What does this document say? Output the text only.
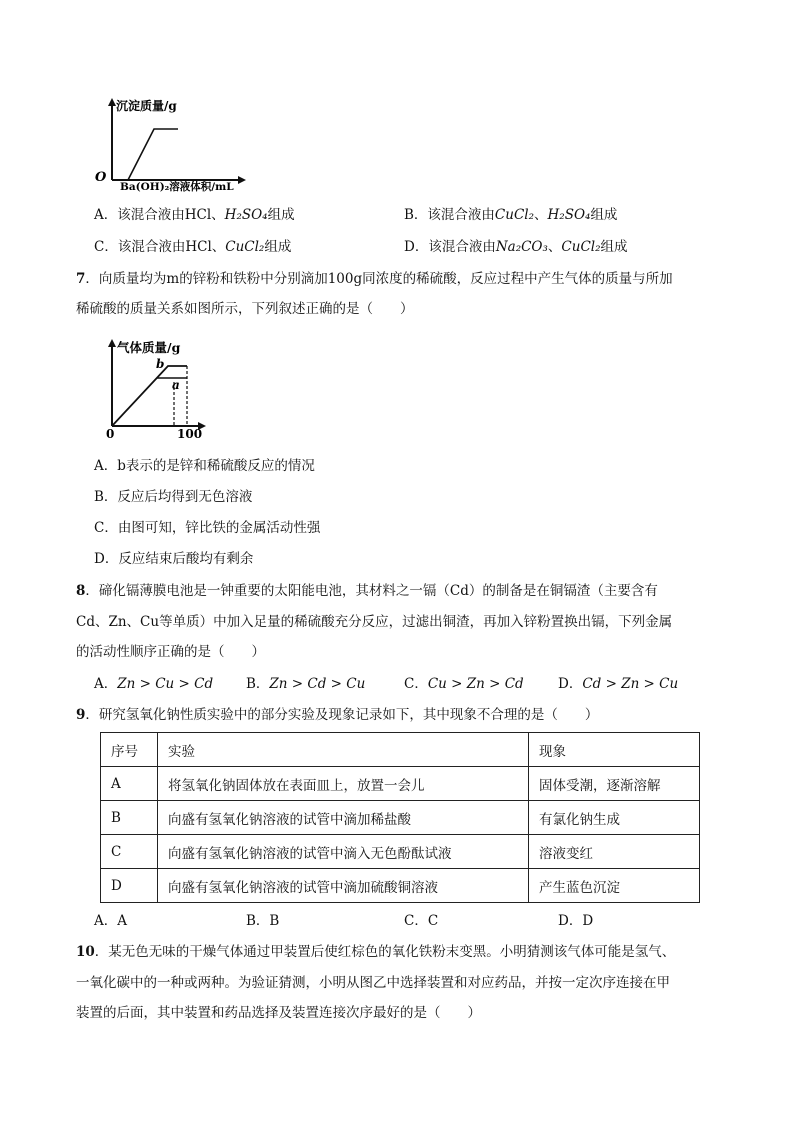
沉淀质量/g
O
Ba(OH)₂溶液体积/mL
A．该混合液由HCl、H₂SO₄组成	B．该混合液由CuCl₂、H₂SO₄组成
C．该混合液由HCl、CuCl₂组成	D．该混合液由Na₂CO₃、CuCl₂组成
7．向质量均为m的锌粉和铁粉中分别滴加100g同浓度的稀硫酸，反应过程中产生气体的质量与所加
稀硫酸的质量关系如图所示，下列叙述正确的是（　　）
气体质量/g
b
a
0	100
A．b表示的是锌和稀硫酸反应的情况
B．反应后均得到无色溶液
C．由图可知，锌比铁的金属活动性强
D．反应结束后酸均有剩余
8．碲化镉薄膜电池是一钟重要的太阳能电池，其材料之一镉（Cd）的制备是在铜镉渣（主要含有
Cd、Zn、Cu等单质）中加入足量的稀硫酸充分反应，过滤出铜渣，再加入锌粉置换出镉，下列金属
的活动性顺序正确的是（　　）
A．Zn > Cu > Cd B．Zn > Cd > Cu	C．Cu > Zn > Cd	D．Cd > Zn > Cu
9．研究氢氧化钠性质实验中的部分实验及现象记录如下，其中现象不合理的是（　　）
序号	实验	现象
A	将氢氧化钠固体放在表面皿上，放置一会儿	固体受潮，逐渐溶解
B	向盛有氢氧化钠溶液的试管中滴加稀盐酸	有氯化钠生成
C	向盛有氢氧化钠溶液的试管中滴入无色酚酞试液	溶液变红
D	向盛有氢氧化钠溶液的试管中滴加硫酸铜溶液	产生蓝色沉淀
A．A	B．B	C．C	D．D
10．某无色无味的干燥气体通过甲装置后使红棕色的氧化铁粉末变黑。小明猜测该气体可能是氢气、
一氧化碳中的一种或两种。为验证猜测，小明从图乙中选择装置和对应药品，并按一定次序连接在甲
装置的后面，其中装置和药品选择及装置连接次序最好的是（　　）
